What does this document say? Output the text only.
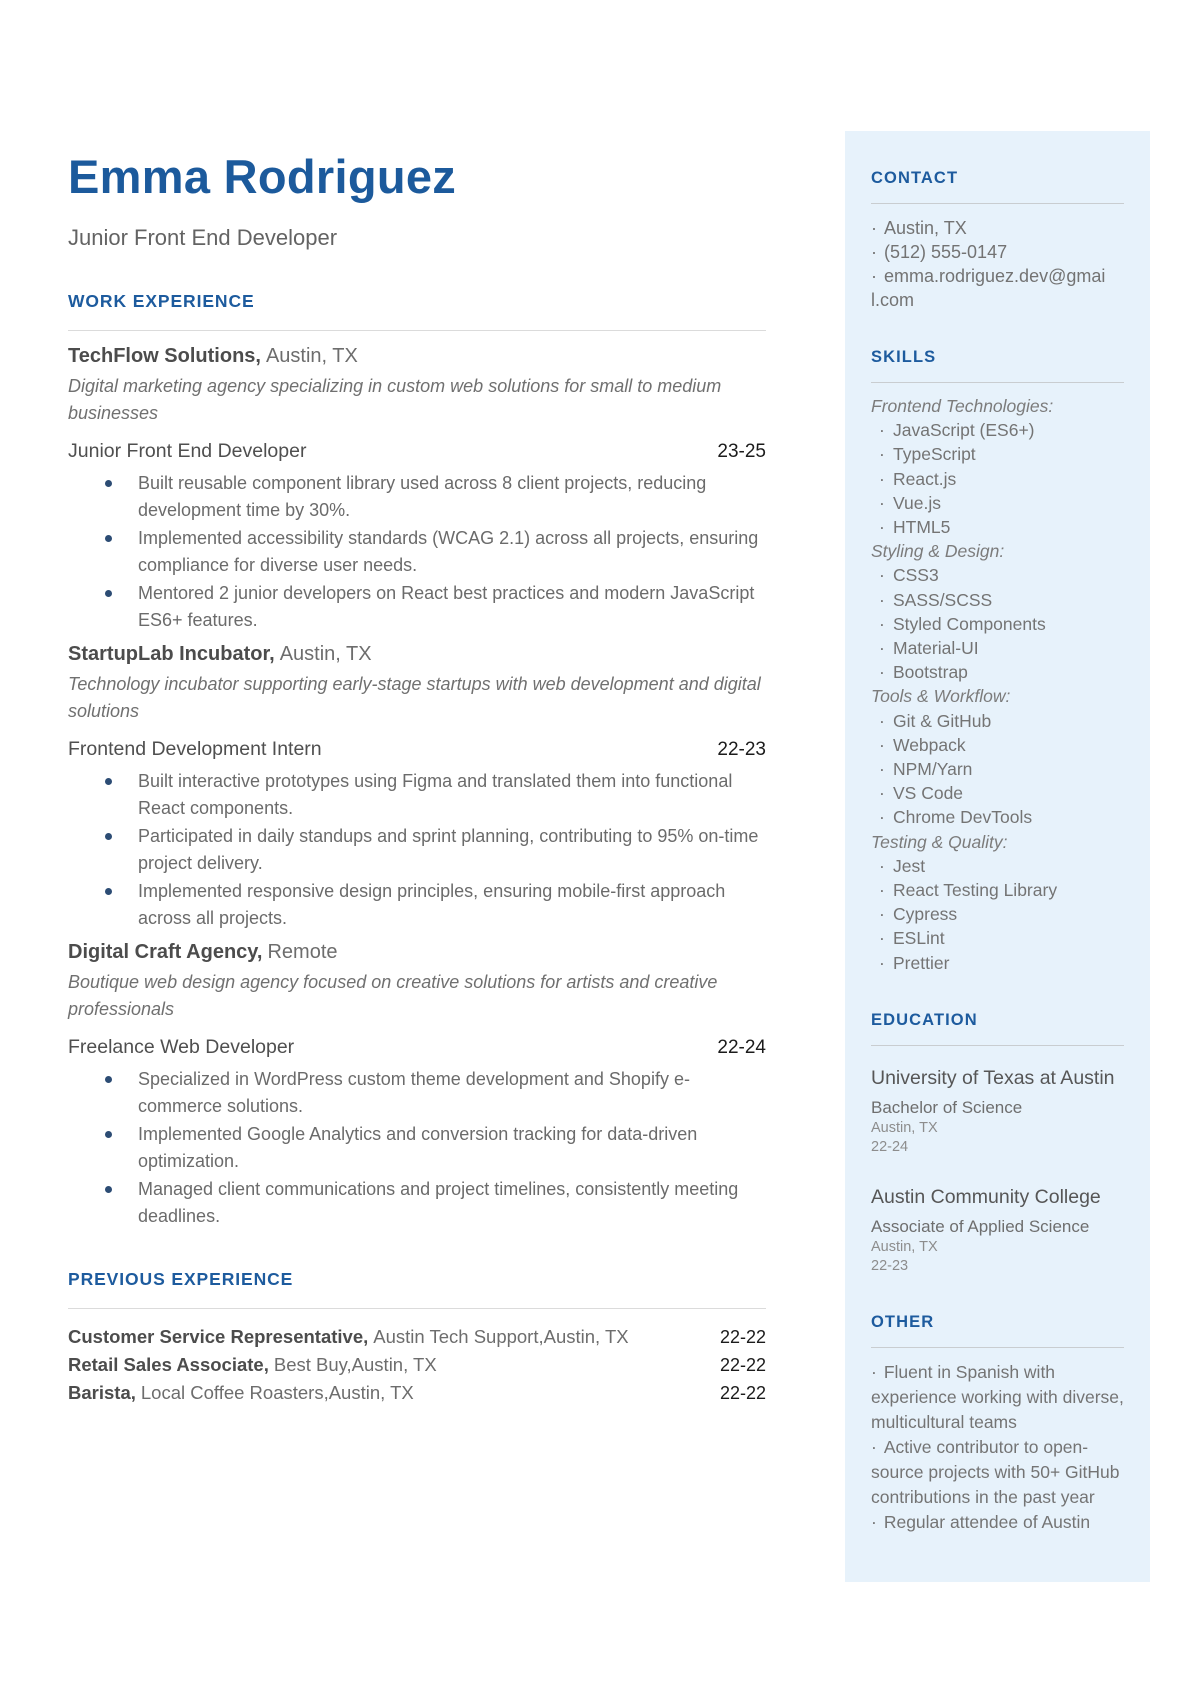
Emma Rodriguez
Junior Front End Developer
WORK EXPERIENCE
TechFlow Solutions, Austin, TX
Digital marketing agency specializing in custom web solutions for small to medium businesses
Junior Front End Developer	23-25
Built reusable component library used across 8 client projects, reducing development time by 30%.
Implemented accessibility standards (WCAG 2.1) across all projects, ensuring compliance for diverse user needs.
Mentored 2 junior developers on React best practices and modern JavaScript ES6+ features.
StartupLab Incubator, Austin, TX
Technology incubator supporting early-stage startups with web development and digital solutions
Frontend Development Intern	22-23
Built interactive prototypes using Figma and translated them into functional React components.
Participated in daily standups and sprint planning, contributing to 95% on-time project delivery.
Implemented responsive design principles, ensuring mobile-first approach across all projects.
Digital Craft Agency, Remote
Boutique web design agency focused on creative solutions for artists and creative professionals
Freelance Web Developer	22-24
Specialized in WordPress custom theme development and Shopify e-commerce solutions.
Implemented Google Analytics and conversion tracking for data-driven optimization.
Managed client communications and project timelines, consistently meeting deadlines.
PREVIOUS EXPERIENCE
Customer Service Representative, Austin Tech Support,Austin, TX	22-22
Retail Sales Associate, Best Buy,Austin, TX	22-22
Barista, Local Coffee Roasters,Austin, TX	22-22
CONTACT
· Austin, TX
· (512) 555-0147
· emma.rodriguez.dev@gmail.com
SKILLS
Frontend Technologies:
·
JavaScript (ES6+)
·
TypeScript
·
React.js
·
Vue.js
·
HTML5
Styling & Design:
·
CSS3
·
SASS/SCSS
·
Styled Components
·
Material-UI
·
Bootstrap
Tools & Workflow:
·
Git & GitHub
·
Webpack
·
NPM/Yarn
·
VS Code
·
Chrome DevTools
Testing & Quality:
·
Jest
·
React Testing Library
·
Cypress
·
ESLint
·
Prettier
EDUCATION
University of Texas at Austin
Bachelor of Science
Austin, TX
22-24
Austin Community College
Associate of Applied Science
Austin, TX
22-23
OTHER
· Fluent in Spanish with experience working with diverse, multicultural teams
· Active contributor to open-source projects with 50+ GitHub contributions in the past year
· Regular attendee of Austin
